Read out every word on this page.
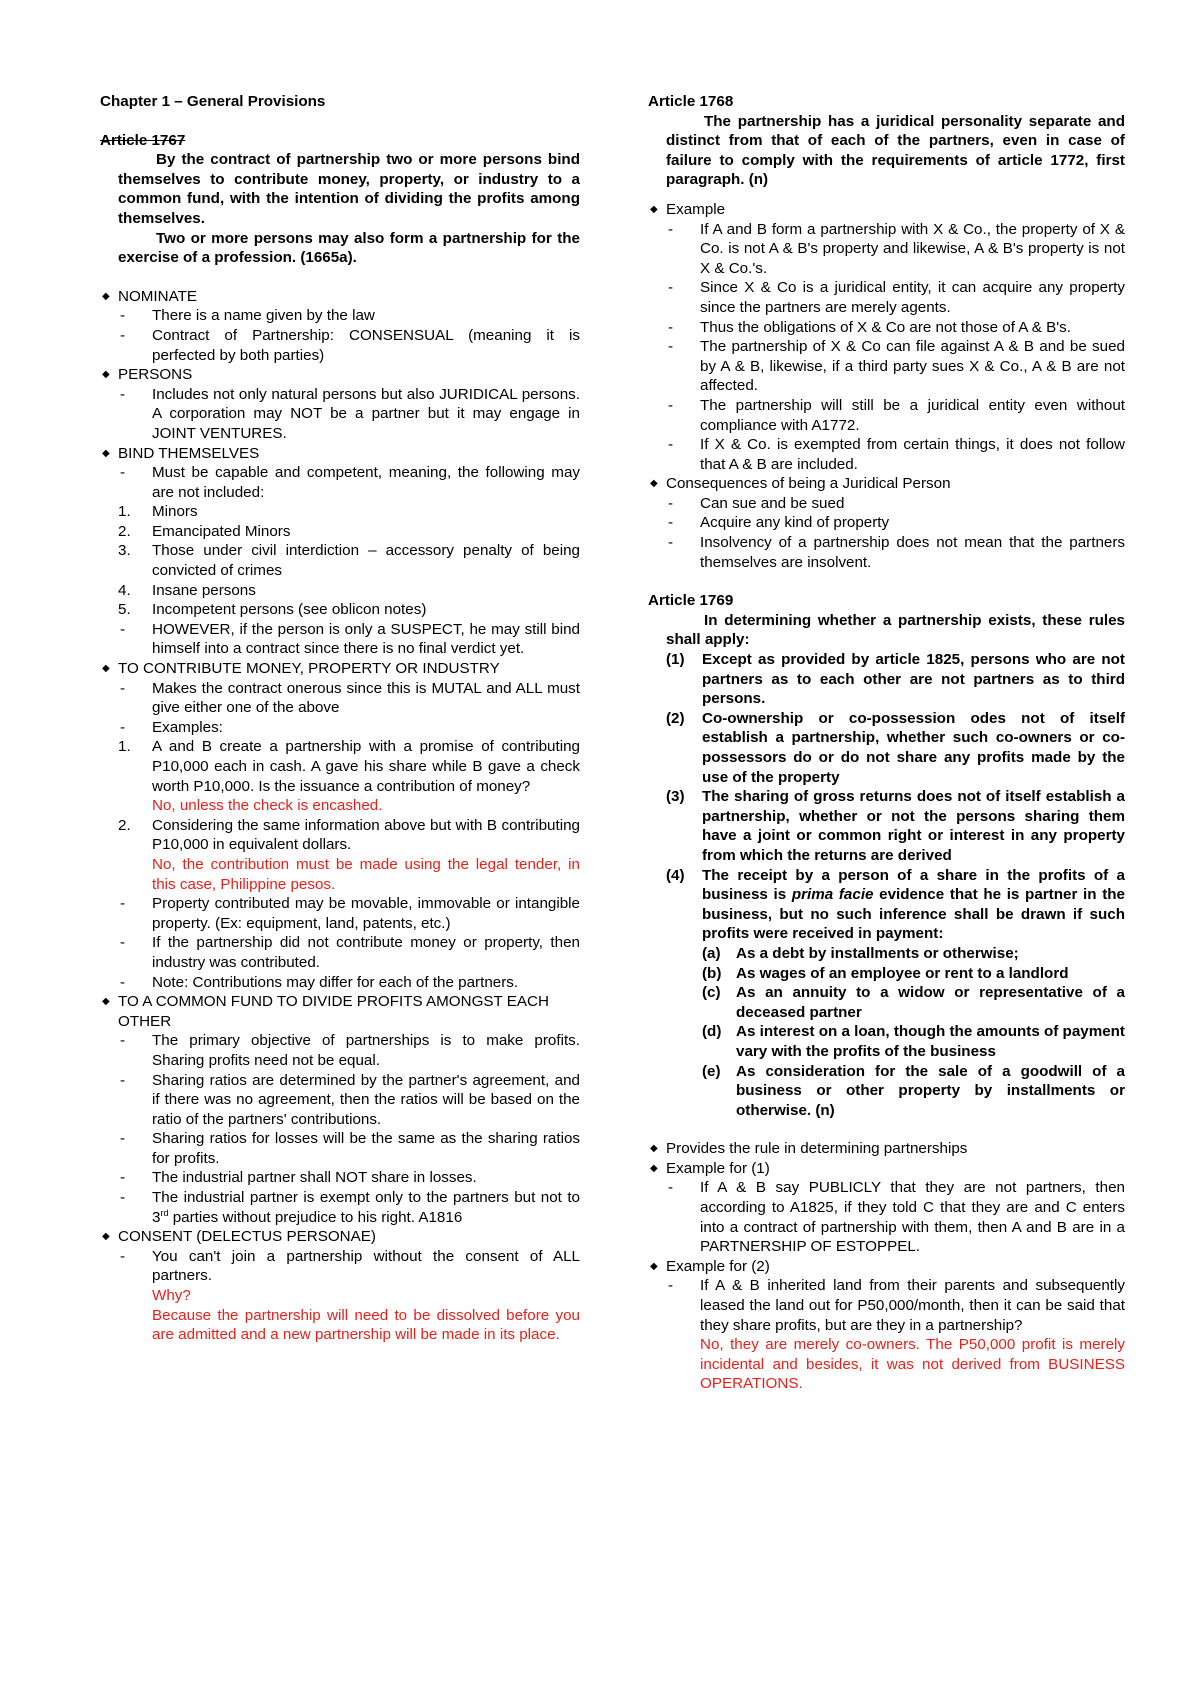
Chapter 1 – General Provisions
Article 1767
By the contract of partnership two or more persons bind themselves to contribute money, property, or industry to a common fund, with the intention of dividing the profits among themselves.
Two or more persons may also form a partnership for the exercise of a profession. (1665a).
◆ NOMINATE
- There is a name given by the law
- Contract of Partnership: CONSENSUAL (meaning it is perfected by both parties)
◆ PERSONS
- Includes not only natural persons but also JURIDICAL persons. A corporation may NOT be a partner but it may engage in JOINT VENTURES.
◆ BIND THEMSELVES
- Must be capable and competent, meaning, the following may are not included:
1. Minors
2. Emancipated Minors
3. Those under civil interdiction – accessory penalty of being convicted of crimes
4. Insane persons
5. Incompetent persons (see oblicon notes)
- HOWEVER, if the person is only a SUSPECT, he may still bind himself into a contract since there is no final verdict yet.
◆ TO CONTRIBUTE MONEY, PROPERTY OR INDUSTRY
- Makes the contract onerous since this is MUTAL and ALL must give either one of the above
- Examples:
1. A and B create a partnership with a promise of contributing P10,000 each in cash. A gave his share while B gave a check worth P10,000. Is the issuance a contribution of money?
No, unless the check is encashed.
2. Considering the same information above but with B contributing P10,000 in equivalent dollars.
No, the contribution must be made using the legal tender, in this case, Philippine pesos.
- Property contributed may be movable, immovable or intangible property. (Ex: equipment, land, patents, etc.)
- If the partnership did not contribute money or property, then industry was contributed.
- Note: Contributions may differ for each of the partners.
◆ TO A COMMON FUND TO DIVIDE PROFITS AMONGST EACH OTHER
- The primary objective of partnerships is to make profits. Sharing profits need not be equal.
- Sharing ratios are determined by the partner's agreement, and if there was no agreement, then the ratios will be based on the ratio of the partners' contributions.
- Sharing ratios for losses will be the same as the sharing ratios for profits.
- The industrial partner shall NOT share in losses.
- The industrial partner is exempt only to the partners but not to 3rd parties without prejudice to his right. A1816
◆ CONSENT (DELECTUS PERSONAE)
- You can't join a partnership without the consent of ALL partners.
Why?
Because the partnership will need to be dissolved before you are admitted and a new partnership will be made in its place.
Article 1768
The partnership has a juridical personality separate and distinct from that of each of the partners, even in case of failure to comply with the requirements of article 1772, first paragraph. (n)
◆ Example
- If A and B form a partnership with X & Co., the property of X & Co. is not A & B's property and likewise, A & B's property is not X & Co.'s.
- Since X & Co is a juridical entity, it can acquire any property since the partners are merely agents.
- Thus the obligations of X & Co are not those of A & B's.
- The partnership of X & Co can file against A & B and be sued by A & B, likewise, if a third party sues X & Co., A & B are not affected.
- The partnership will still be a juridical entity even without compliance with A1772.
- If X & Co. is exempted from certain things, it does not follow that A & B are included.
◆ Consequences of being a Juridical Person
- Can sue and be sued
- Acquire any kind of property
- Insolvency of a partnership does not mean that the partners themselves are insolvent.
Article 1769
In determining whether a partnership exists, these rules shall apply:
(1) Except as provided by article 1825, persons who are not partners as to each other are not partners as to third persons.
(2) Co-ownership or co-possession odes not of itself establish a partnership, whether such co-owners or co-possessors do or do not share any profits made by the use of the property
(3) The sharing of gross returns does not of itself establish a partnership, whether or not the persons sharing them have a joint or common right or interest in any property from which the returns are derived
(4) The receipt by a person of a share in the profits of a business is prima facie evidence that he is partner in the business, but no such inference shall be drawn if such profits were received in payment:
(a) As a debt by installments or otherwise;
(b) As wages of an employee or rent to a landlord
(c) As an annuity to a widow or representative of a deceased partner
(d) As interest on a loan, though the amounts of payment vary with the profits of the business
(e) As consideration for the sale of a goodwill of a business or other property by installments or otherwise. (n)
◆ Provides the rule in determining partnerships
◆ Example for (1)
- If A & B say PUBLICLY that they are not partners, then according to A1825, if they told C that they are and C enters into a contract of partnership with them, then A and B are in a PARTNERSHIP OF ESTOPPEL.
◆ Example for (2)
- If A & B inherited land from their parents and subsequently leased the land out for P50,000/month, then it can be said that they share profits, but are they in a partnership?
No, they are merely co-owners. The P50,000 profit is merely incidental and besides, it was not derived from BUSINESS OPERATIONS.
